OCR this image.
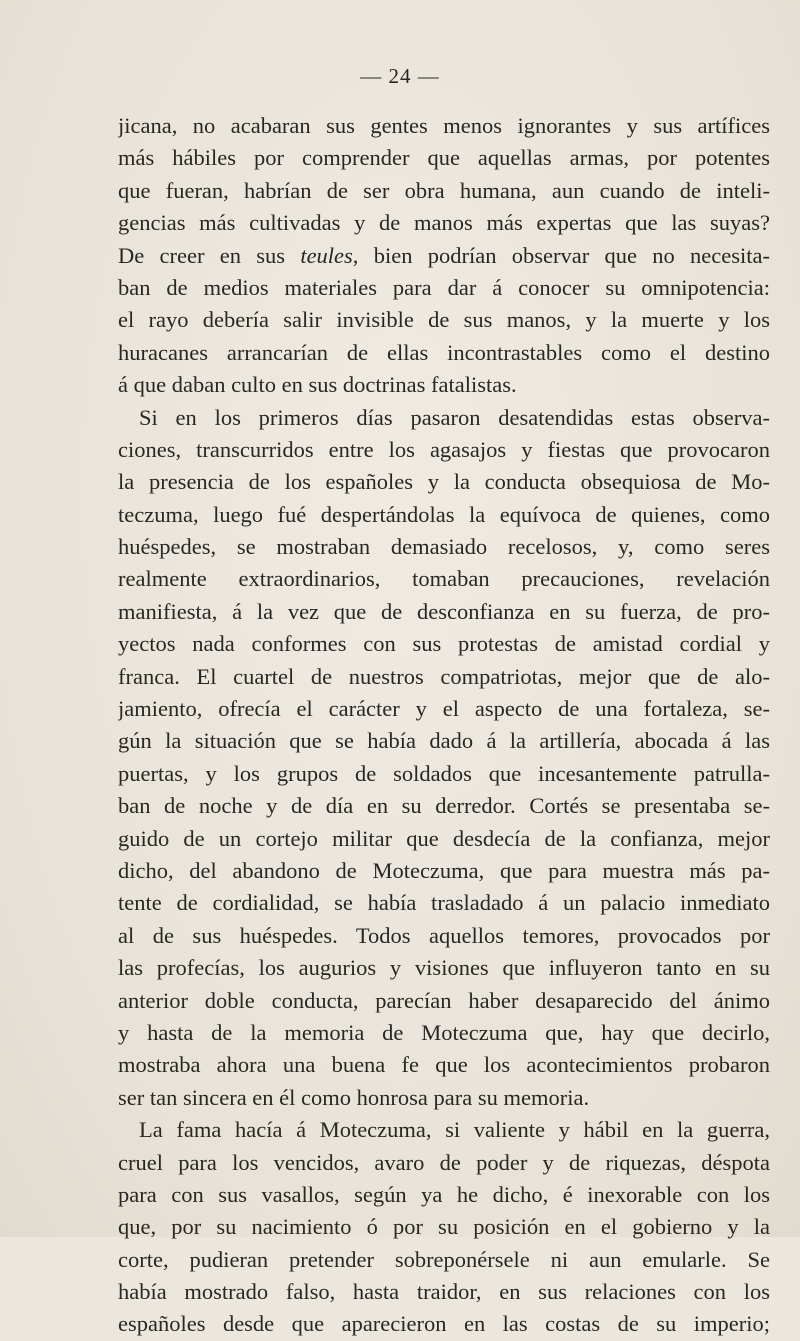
— 24 —
jicana, no acabaran sus gentes menos ignorantes y sus artífices
más hábiles por comprender que aquellas armas, por potentes
que fueran, habrían de ser obra humana, aun cuando de inteli-
gencias más cultivadas y de manos más expertas que las suyas?
De creer en sus teules, bien podrían observar que no necesita-
ban de medios materiales para dar á conocer su omnipotencia:
el rayo debería salir invisible de sus manos, y la muerte y los
huracanes arrancarían de ellas incontrastables como el destino
á que daban culto en sus doctrinas fatalistas.
Si en los primeros días pasaron desatendidas estas observa-
ciones, transcurridos entre los agasajos y fiestas que provocaron
la presencia de los españoles y la conducta obsequiosa de Mo-
teczuma, luego fué despertándolas la equívoca de quienes, como
huéspedes, se mostraban demasiado recelosos, y, como seres
realmente extraordinarios, tomaban precauciones, revelación
manifiesta, á la vez que de desconfianza en su fuerza, de pro-
yectos nada conformes con sus protestas de amistad cordial y
franca. El cuartel de nuestros compatriotas, mejor que de alo-
jamiento, ofrecía el carácter y el aspecto de una fortaleza, se-
gún la situación que se había dado á la artillería, abocada á las
puertas, y los grupos de soldados que incesantemente patrulla-
ban de noche y de día en su derredor. Cortés se presentaba se-
guido de un cortejo militar que desdecía de la confianza, mejor
dicho, del abandono de Moteczuma, que para muestra más pa-
tente de cordialidad, se había trasladado á un palacio inmediato
al de sus huéspedes. Todos aquellos temores, provocados por
las profecías, los augurios y visiones que influyeron tanto en su
anterior doble conducta, parecían haber desaparecido del ánimo
y hasta de la memoria de Moteczuma que, hay que decirlo,
mostraba ahora una buena fe que los acontecimientos probaron
ser tan sincera en él como honrosa para su memoria.
La fama hacía á Moteczuma, si valiente y hábil en la guerra,
cruel para los vencidos, avaro de poder y de riquezas, déspota
para con sus vasallos, según ya he dicho, é inexorable con los
que, por su nacimiento ó por su posición en el gobierno y la
corte, pudieran pretender sobreponérsele ni aun emularle. Se
había mostrado falso, hasta traidor, en sus relaciones con los
españoles desde que aparecieron en las costas de su imperio;
